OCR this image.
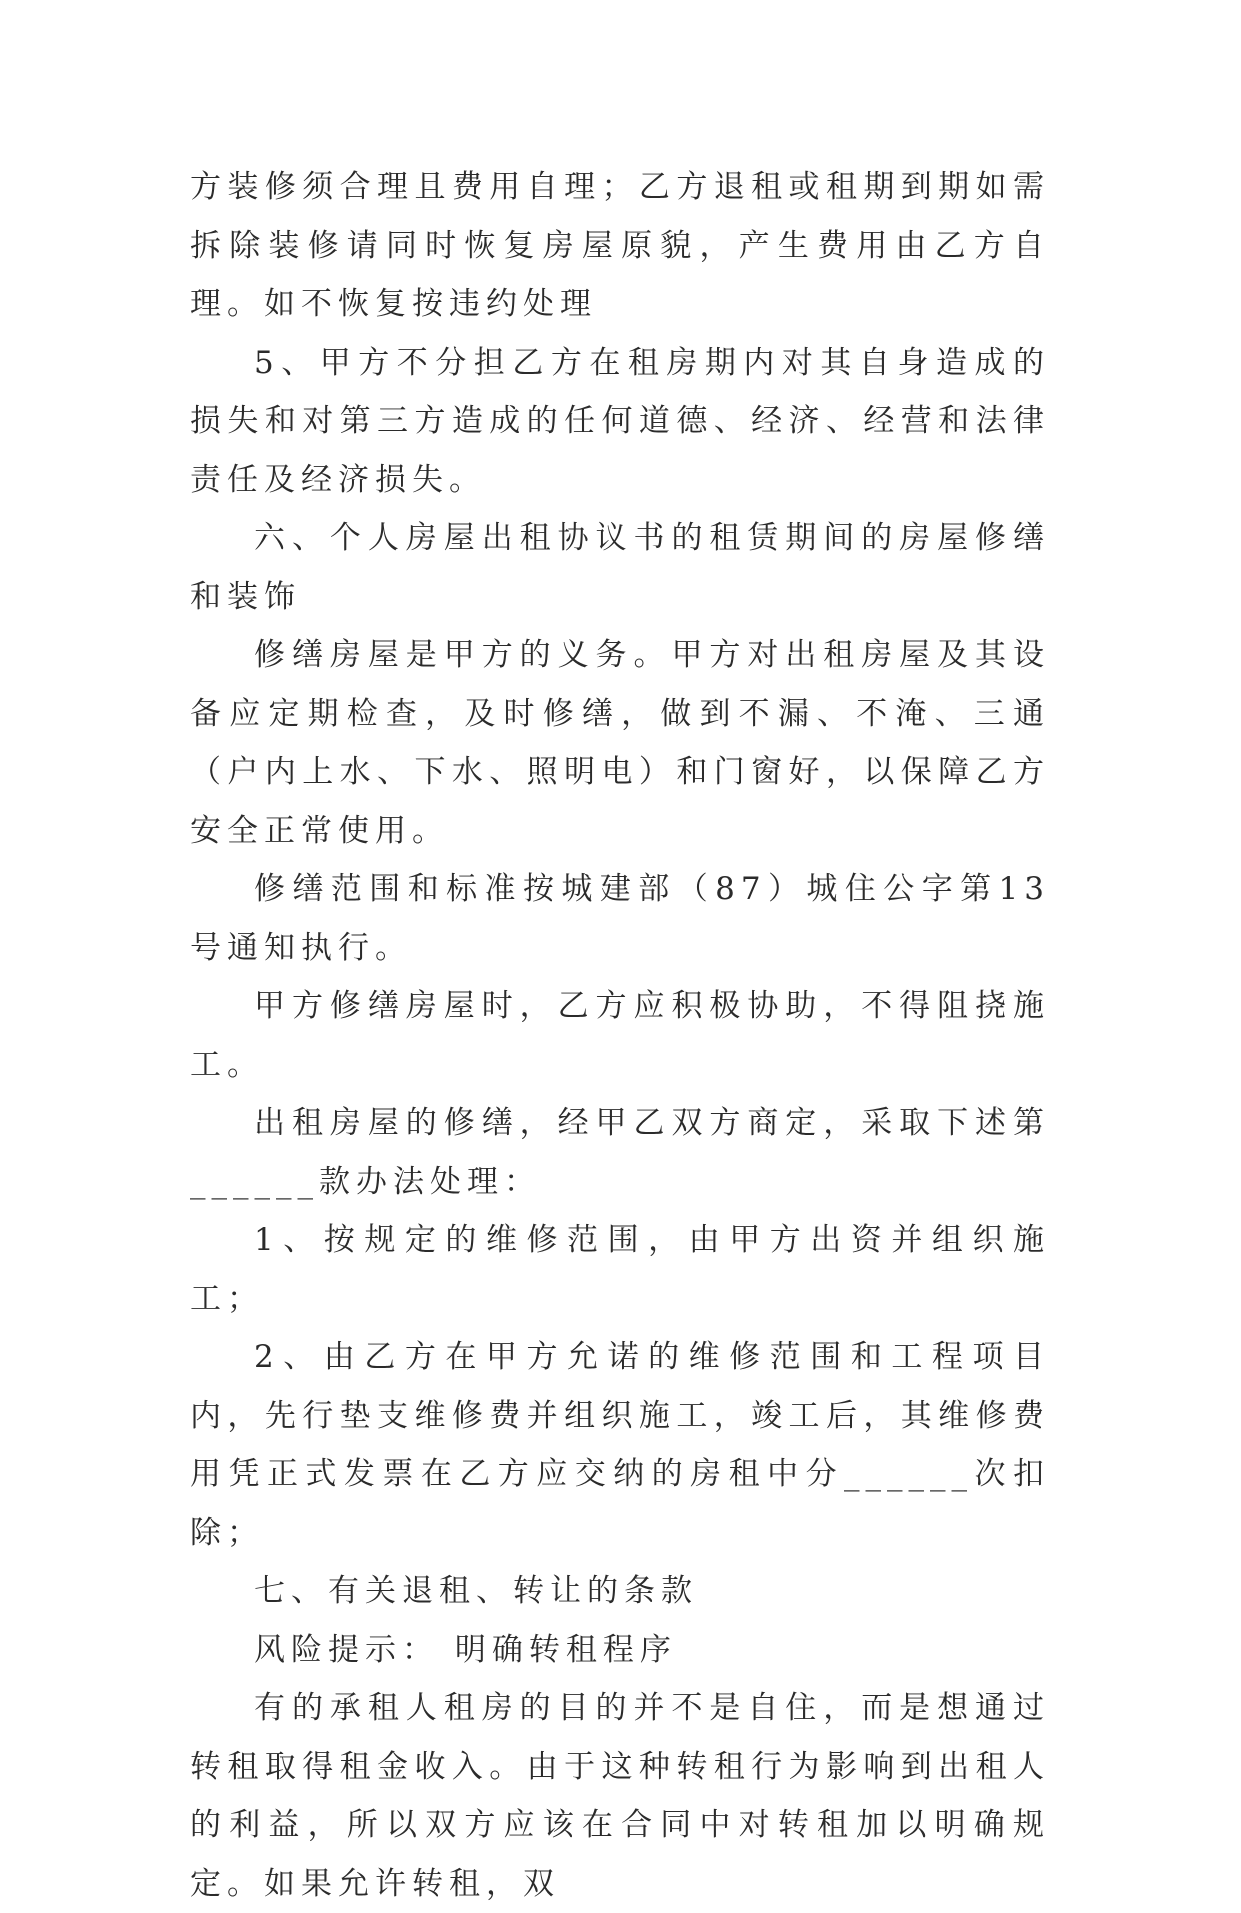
方装修须合理且费用自理；乙方退租或租期到期如需拆除装修请同时恢复房屋原貌，产生费用由乙方自理。如不恢复按违约处理

5、甲方不分担乙方在租房期内对其自身造成的损失和对第三方造成的任何道德、经济、经营和法律责任及经济损失。

六、个人房屋出租协议书的租赁期间的房屋修缮和装饰

修缮房屋是甲方的义务。甲方对出租房屋及其设备应定期检查，及时修缮，做到不漏、不淹、三通（户内上水、下水、照明电）和门窗好，以保障乙方安全正常使用。

修缮范围和标准按城建部（87）城住公字第13号通知执行。

甲方修缮房屋时，乙方应积极协助，不得阻挠施工。

出租房屋的修缮，经甲乙双方商定，采取下述第______款办法处理：

1、按规定的维修范围，由甲方出资并组织施工；

2、由乙方在甲方允诺的维修范围和工程项目内，先行垫支维修费并组织施工，竣工后，其维修费用凭正式发票在乙方应交纳的房租中分______次扣除；

七、有关退租、转让的条款

风险提示： 明确转租程序

有的承租人租房的目的并不是自住，而是想通过转租取得租金收入。由于这种转租行为影响到出租人的利益，所以双方应该在合同中对转租加以明确规定。如果允许转租，双
